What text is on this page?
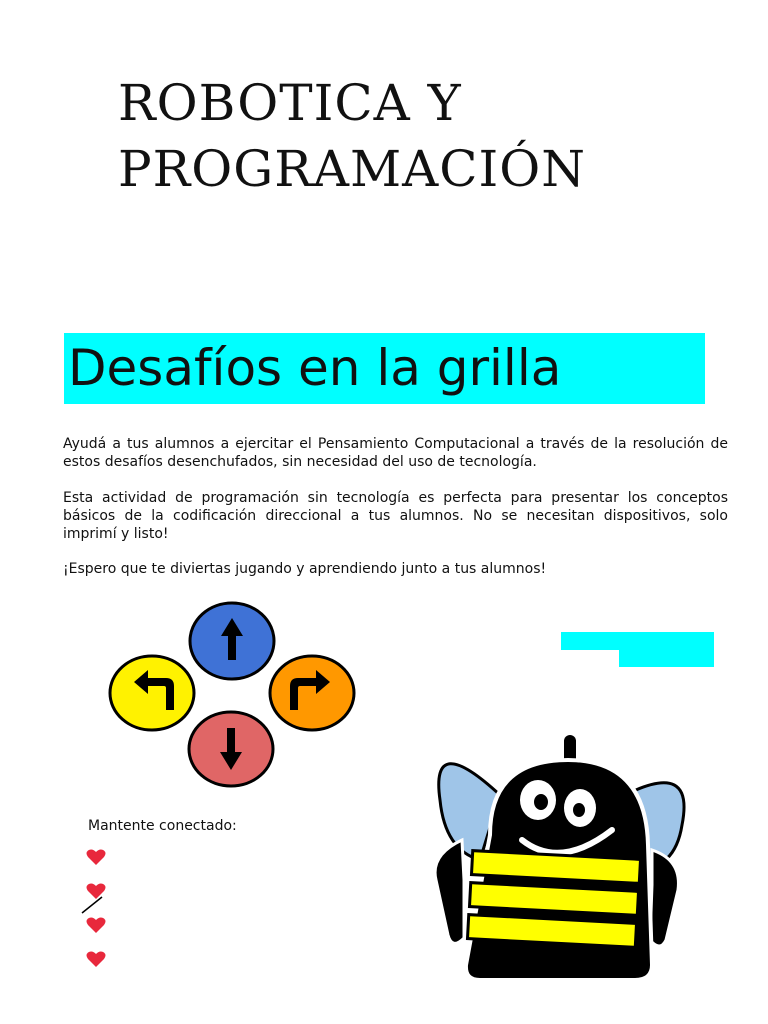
ROBOTICA Y
PROGRAMACIÓN
Desafíos en la grilla

Ayudá a tus alumnos a ejercitar el Pensamiento Computacional a través de la resolución de estos desafíos desenchufados, sin necesidad del uso de tecnología.

Esta actividad de programación sin tecnología es perfecta para presentar los conceptos básicos de la codificación direccional a tus alumnos. No se necesitan dispositivos, solo imprimí y listo!

¡Espero que te diviertas jugando y aprendiendo junto a tus alumnos!

Mantente conectado:
